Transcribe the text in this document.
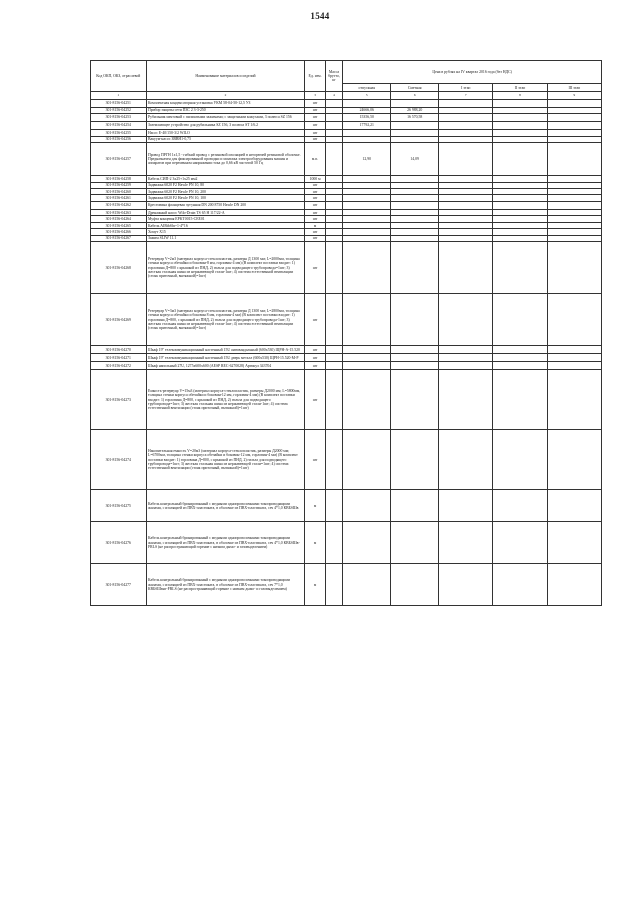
1544
Код ОКП, ОКЗ, отраслевой	Наименование материалов и изделий	Ед. изм.	Масса брутто, кг	Цена в рублях на IV квартал 2016 года (без НДС)				
				отпускная	Сметная	I этап	II этап	III этап
1	2	3	4	5	6	7	8	9
301-8156-04251	Комплектная конденсаторная установка УКМ 58-04-50-12,5 УЗ	шт						
301-8156-04252	Прибор защиты сети ПЗС 2 3-3-250	шт		24666,06	26 988,20			
301-8156-04253	Рубильник мачтовый с пильчатыми зажимами; с защитными кожухами, 3 полюса SZ 156	шт		15356,50	16 570,58			
301-8156-04254	Заземляющее устройство для рубильника SZ 156, 3 полюса ST 1/6.2	шт		17792,21				
301-8156-04255	Насос E-40/150-3/2 WILO	шт						
301-8156-04256	Вакуум-насос ЗВВН1-0,75	шт						
301-8156-04257	Провод ПРГН 1х1,5 - гибкий провод с резиновой изоляцией в негорючей резиновой оболочке. Предназначен для фиксированной проводки и монтажа электрооборудования машин и аппаратов при переменном напряжении тока до 0,66 кВ частотой 50 Гц	м.п.		12,90	14,09			
301-8156-04258	Кабель СИП-2 3х25+1х25 мм2	1000 м						
301-8156-04259	Задвижка 6020 F2 Hawle PN 10, 80	шт						
301-8156-04260	Задвижка 6020 F2 Hawle PN 10, 200	шт						
301-8156-04261	Задвижка 6020 F2 Hawle PN 10, 100	шт						
301-8156-04262	Крестовина фланцевая чугунная DN 200 8750 Hawle DN 200	шт						
301-8156-04263	Дренажный насос Wilo-Drain TS 65 H 117/22-A	шт						
301-8156-04264	Муфта концевая EPKT0015-CEE01	шт						
301-8156-04265	Кабель AIBtbShv-1-4*16	м						
301-8156-04266	Хомут Х15	шт						
301-8156-04267	Зажим SLIW 11.1	шт						
301-8156-04268	Резервуар V=2м3 (материал корпуса-стеклопластик, размеры Д 1300 мм; L=2000мм, толщина стенки корпуса обечайки и боковин-8 мм, горловин-4 мм) (В комплект поставки входит: 1) горловина Д=800 с крышкой из ПНД, 2) гильза для подводящего трубопровода=1шт; 3) жесткая стальная шина из нержавеющей стали-1шт; 4) система естественной вентиляции (стояк приточный, вытяжной)=1шт)	шт						
301-8156-04269	Резервуар V=3м3 (материал корпуса-стеклопластик, размеры Д 1300 мм; L=2800мм, толщина стенки корпуса обечайки и боковин 8 мм, горловин-4 мм) (В комплект поставки входит: 1) горловина Д=800, с крышкой из ПНД, 2) гильза для подводящего трубопровода-1шт; 3) жесткая стальная шина из нержавеющей стали-1шт; 4) система естественной вентиляции (стояк приточный, вытяжной)=1шт)	шт						
301-8156-04270	Шкаф 19" телекоммуникационный настенный 15U антивандальный (600х530) ЩРН-А-15.520	шт						
301-8156-04271	Шкаф 19" телекоммуникационный настенный 15U дверь металл (600х530) ЩРН-15.520-М-Р	шт						
301-8156-04272	Шкаф напольный 27U, 1275х600х600 (AESP REC-6270028) Артикул 343704	шт						
301-8156-04273	Емкость-резервуар V=15м3 (материал корпуса-стеклопластик, размеры Д2000 мм; L=5800мм, толщина стенки корпуса обечайки и боковин-12 мм, горловин-4 мм) (В комплект поставки входит: 1) горловина Д=800, с крышкой из ПНД, 2) гильза для подводящего трубопровода=1шт; 3) жесткая стальная шина из нержавеющей стали-1шт; 4) система естественной вентиляции (стояк приточный, вытяжной)=1шт)	шт						
301-8156-04274	Накопительная емкость V=20м3 (материал корпуса-стеклопластик, размеры Д2000 мм; L=6700мм, толщина стенки корпуса обечайки и боковин-12 мм, горловин-4 мм) (В комплект поставки входит: 1) горловина Д=800, с крышкой из ПНД, 2) гильза для подводящего трубопровода=1шт; 3) жесткая стальная шина из нержавеющей стали=1шт; 4) система естественной вентиляции (стояк приточный, вытяжной)=1шт)	шт						
301-8156-04275	Кабель контрольный бронированный с медными однопроволочными токопроводящими жилами, с изоляцией из ПВХ-пластиката, в оболочке из ПВХ-пластиката, сеч 4*1,0 КВБбШв	м						
301-8156-04276	Кабель контрольный бронированный с медными однопроволочными токопроводящими жилами, с изоляцией из ПВХ-пластиката, в оболочке из ПВХ-пластиката, сеч 4*1,0 КВБбШв-FRLS (не распространяющий горение с низким дымо- и газовыделением)	м						
301-8156-04277	Кабель контрольный бронированный с медными однопроволочными токопроводящими жилами, с изоляцией из ПВХ-пластиката, в оболочке из ПВХ-пластиката, сеч 7*1,0 КВБбШвнг-FRLS (не распространяющий горение с низким дымо- и газовыделением)	м						
